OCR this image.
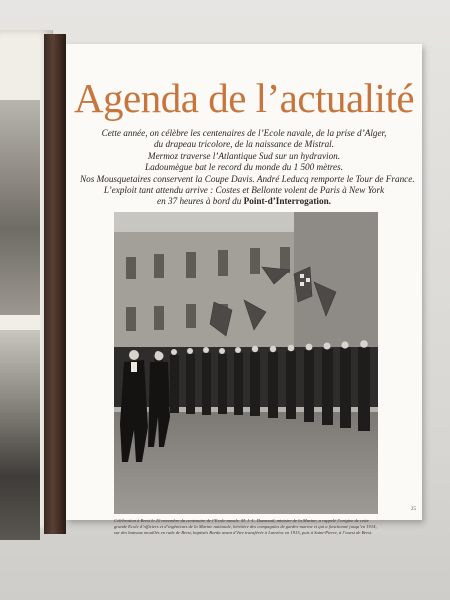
Agenda de l’actualité
Cette année, on célèbre les centenaires de l’Ecole navale, de la prise d’Alger,
du drapeau tricolore, de la naissance de Mistral.
Mermoz traverse l’Atlantique Sud sur un hydravion.
Ladoumègue bat le record du monde du 1 500 mètres.
Nos Mousquetaires conservent la Coupe Davis. André Leducq remporte le Tour de France.
L’exploit tant attendu arrive : Costes et Bellonte volent de Paris à New York
en 37 heures à bord du Point-d’Interrogation.
Célébration à Brest le 20 novembre du centenaire de l’Ecole navale. M. J.-L. Dumesnil, ministre de la Marine, a rappelé l’origine de cette grande Ecole d’officiers et d’ingénieurs de la Marine nationale, héritière des compagnies de gardes-marine et qui a fonctionné jusqu’en 1914, sur des bateaux mouillés en rade de Brest, baptisés Borda avant d’être transférée à Lanvéoc en 1915, puis à Saint-Pierre, à l’ouest de Brest.
25
